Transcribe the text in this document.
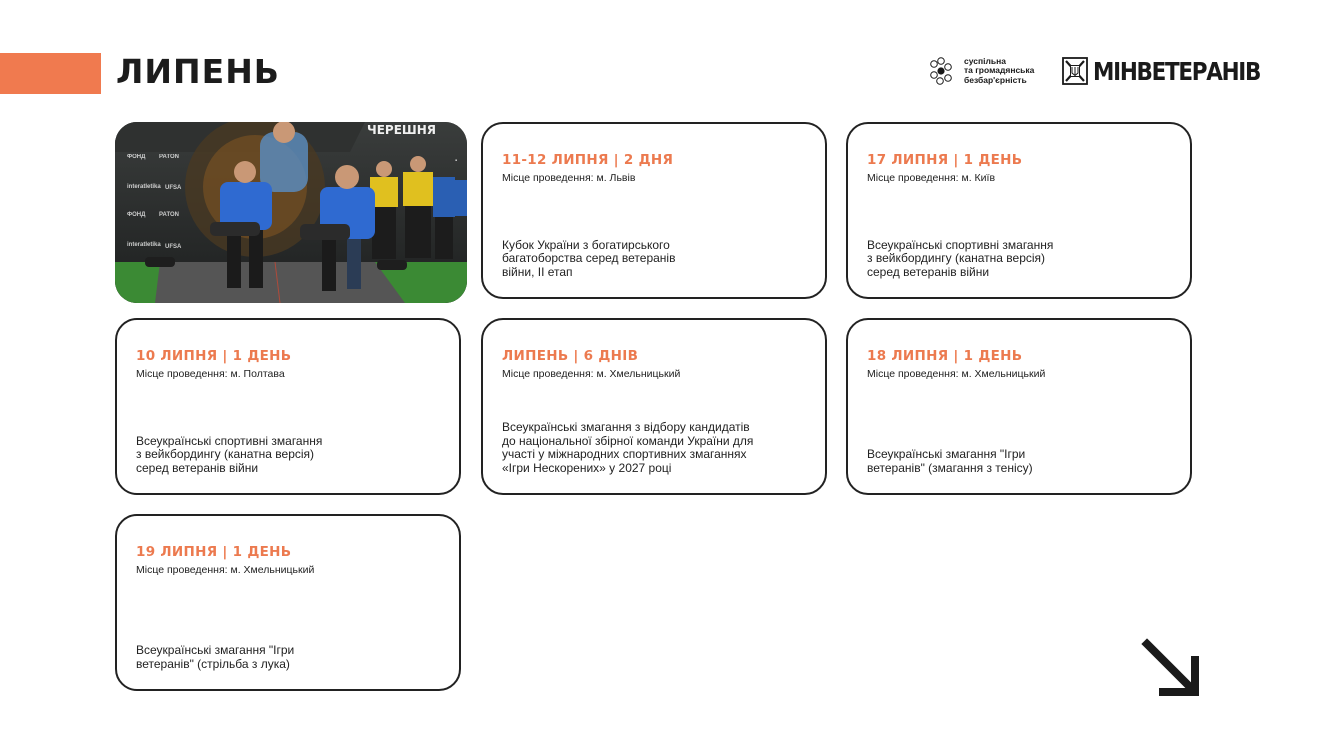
ЛИПЕНЬ	суспільна
та громадянська
безбар'єрність	МІНВЕТЕРАНІВ
ФОНД PATON
interatletika UFSA
ФОНД PATON
interatletika UFSA
▪
ЧЕРЕШНЯ
11-12 ЛИПНЯ | 2 ДНЯ
Місце проведення: м. Львів
Кубок України з богатирського
багатоборства серед ветеранів
війни, ІІ етап
17 ЛИПНЯ | 1 ДЕНЬ
Місце проведення: м. Київ
Всеукраїнські спортивні змагання
з вейкбордингу (канатна версія)
серед ветеранів війни
10 ЛИПНЯ | 1 ДЕНЬ
Місце проведення: м. Полтава
Всеукраїнські спортивні змагання
з вейкбордингу (канатна версія)
серед ветеранів війни
ЛИПЕНЬ | 6 ДНІВ
Місце проведення: м. Хмельницький
Всеукраїнські змагання з відбору кандидатів
до національної збірної команди України для
участі у міжнародних спортивних змаганнях
«Ігри Нескорених» у 2027 році
18 ЛИПНЯ | 1 ДЕНЬ
Місце проведення: м. Хмельницький
Всеукраїнські змагання "Ігри
ветеранів" (змагання з тенісу)
19 ЛИПНЯ | 1 ДЕНЬ
Місце проведення: м. Хмельницький
Всеукраїнські змагання "Ігри
ветеранів" (стрільба з лука)
